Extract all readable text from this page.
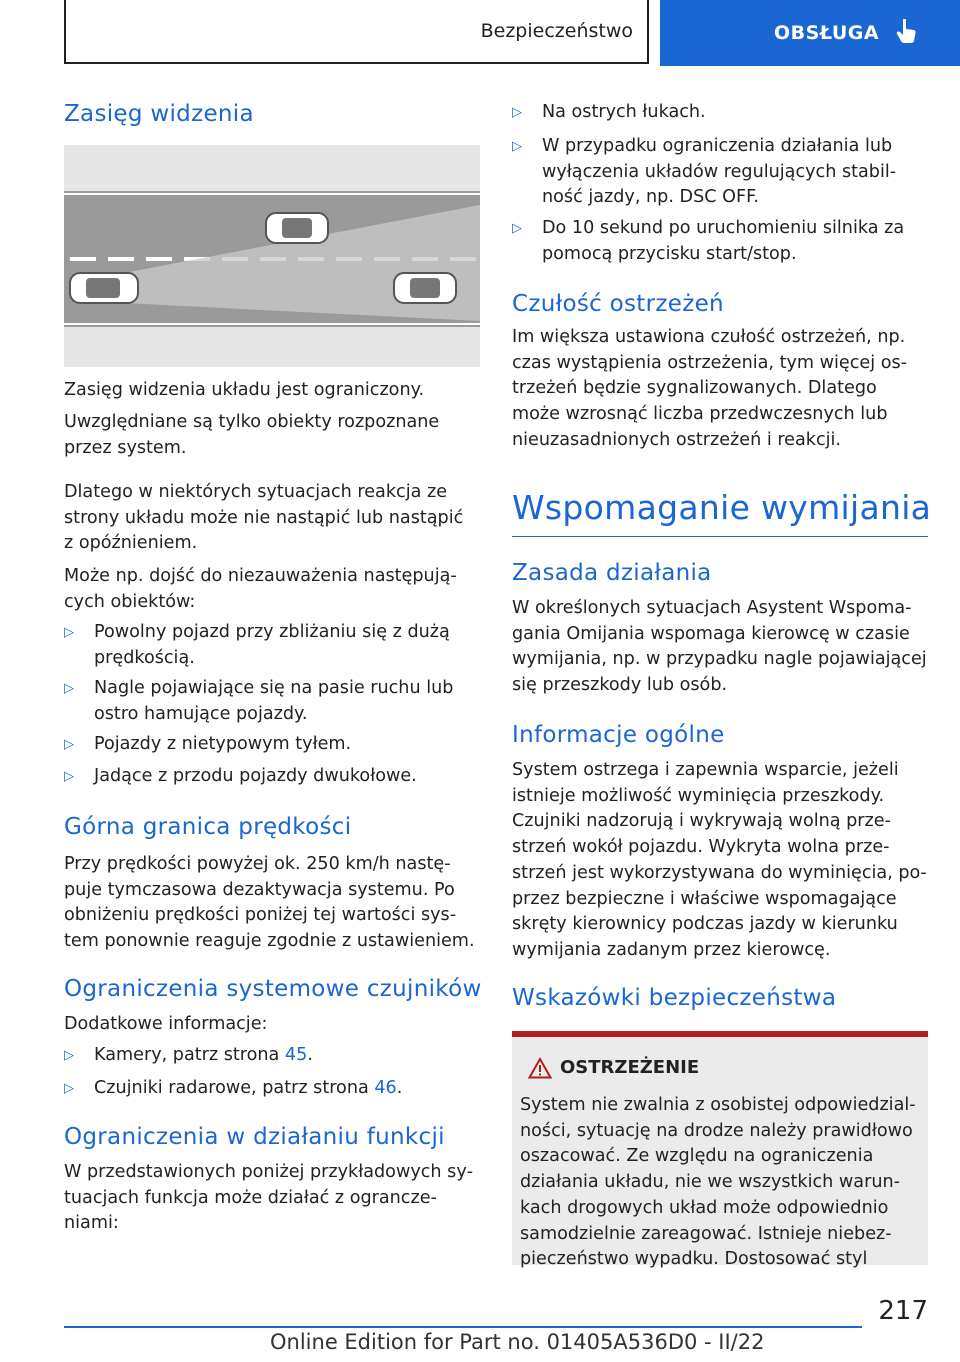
Bezpieczeństwo	OBSŁUGA
Zasięg widzenia
Zasięg widzenia układu jest ograniczony.
Uwzględniane są tylko obiekty rozpoznane
przez system.
Dlatego w niektórych sytuacjach reakcja ze
strony układu może nie nastąpić lub nastąpić
z opóźnieniem.
Może np. dojść do niezauważenia następują‐
cych obiektów:
▷ Powolny pojazd przy zbliżaniu się z dużą
prędkością.
▷ Nagle pojawiające się na pasie ruchu lub
ostro hamujące pojazdy.
▷ Pojazdy z nietypowym tyłem.
▷ Jadące z przodu pojazdy dwukołowe.
Górna granica prędkości
Przy prędkości powyżej ok. 250 km/h nastę‐
puje tymczasowa dezaktywacja systemu. Po
obniżeniu prędkości poniżej tej wartości sys‐
tem ponownie reaguje zgodnie z ustawieniem.
Ograniczenia systemowe czujników
Dodatkowe informacje:
▷ Kamery, patrz strona 45.
▷ Czujniki radarowe, patrz strona 46.
Ograniczenia w działaniu funkcji
W przedstawionych poniżej przykładowych sy‐
tuacjach funkcja może działać z ograncze‐
niami:
▷ Na ostrych łukach.
▷ W przypadku ograniczenia działania lub
wyłączenia układów regulujących stabil‐
ność jazdy, np. DSC OFF.
▷ Do 10 sekund po uruchomieniu silnika za
pomocą przycisku start/stop.
Czułość ostrzeżeń
Im większa ustawiona czułość ostrzeżeń, np.
czas wystąpienia ostrzeżenia, tym więcej os‐
trzeżeń będzie sygnalizowanych. Dlatego
może wzrosnąć liczba przedwczesnych lub
nieuzasadnionych ostrzeżeń i reakcji.
Wspomaganie wymijania
Zasada działania
W określonych sytuacjach Asystent Wspoma‐
gania Omijania wspomaga kierowcę w czasie
wymijania, np. w przypadku nagle pojawiającej
się przeszkody lub osób.
Informacje ogólne
System ostrzega i zapewnia wsparcie, jeżeli
istnieje możliwość wyminięcia przeszkody.
Czujniki nadzorują i wykrywają wolną prze‐
strzeń wokół pojazdu. Wykryta wolna prze‐
strzeń jest wykorzystywana do wyminięcia, po‐
przez bezpieczne i właściwe wspomagające
skręty kierownicy podczas jazdy w kierunku
wymijania zadanym przez kierowcę.
Wskazówki bezpieczeństwa
OSTRZEŻENIE
System nie zwalnia z osobistej odpowiedzial‐
ności, sytuację na drodze należy prawidłowo
oszacować. Ze względu na ograniczenia
działania układu, nie we wszystkich warun‐
kach drogowych układ może odpowiednio
samodzielnie zareagować. Istnieje niebez‐
pieczeństwo wypadku. Dostosować styl
217
Online Edition for Part no. 01405A536D0 - II/22
